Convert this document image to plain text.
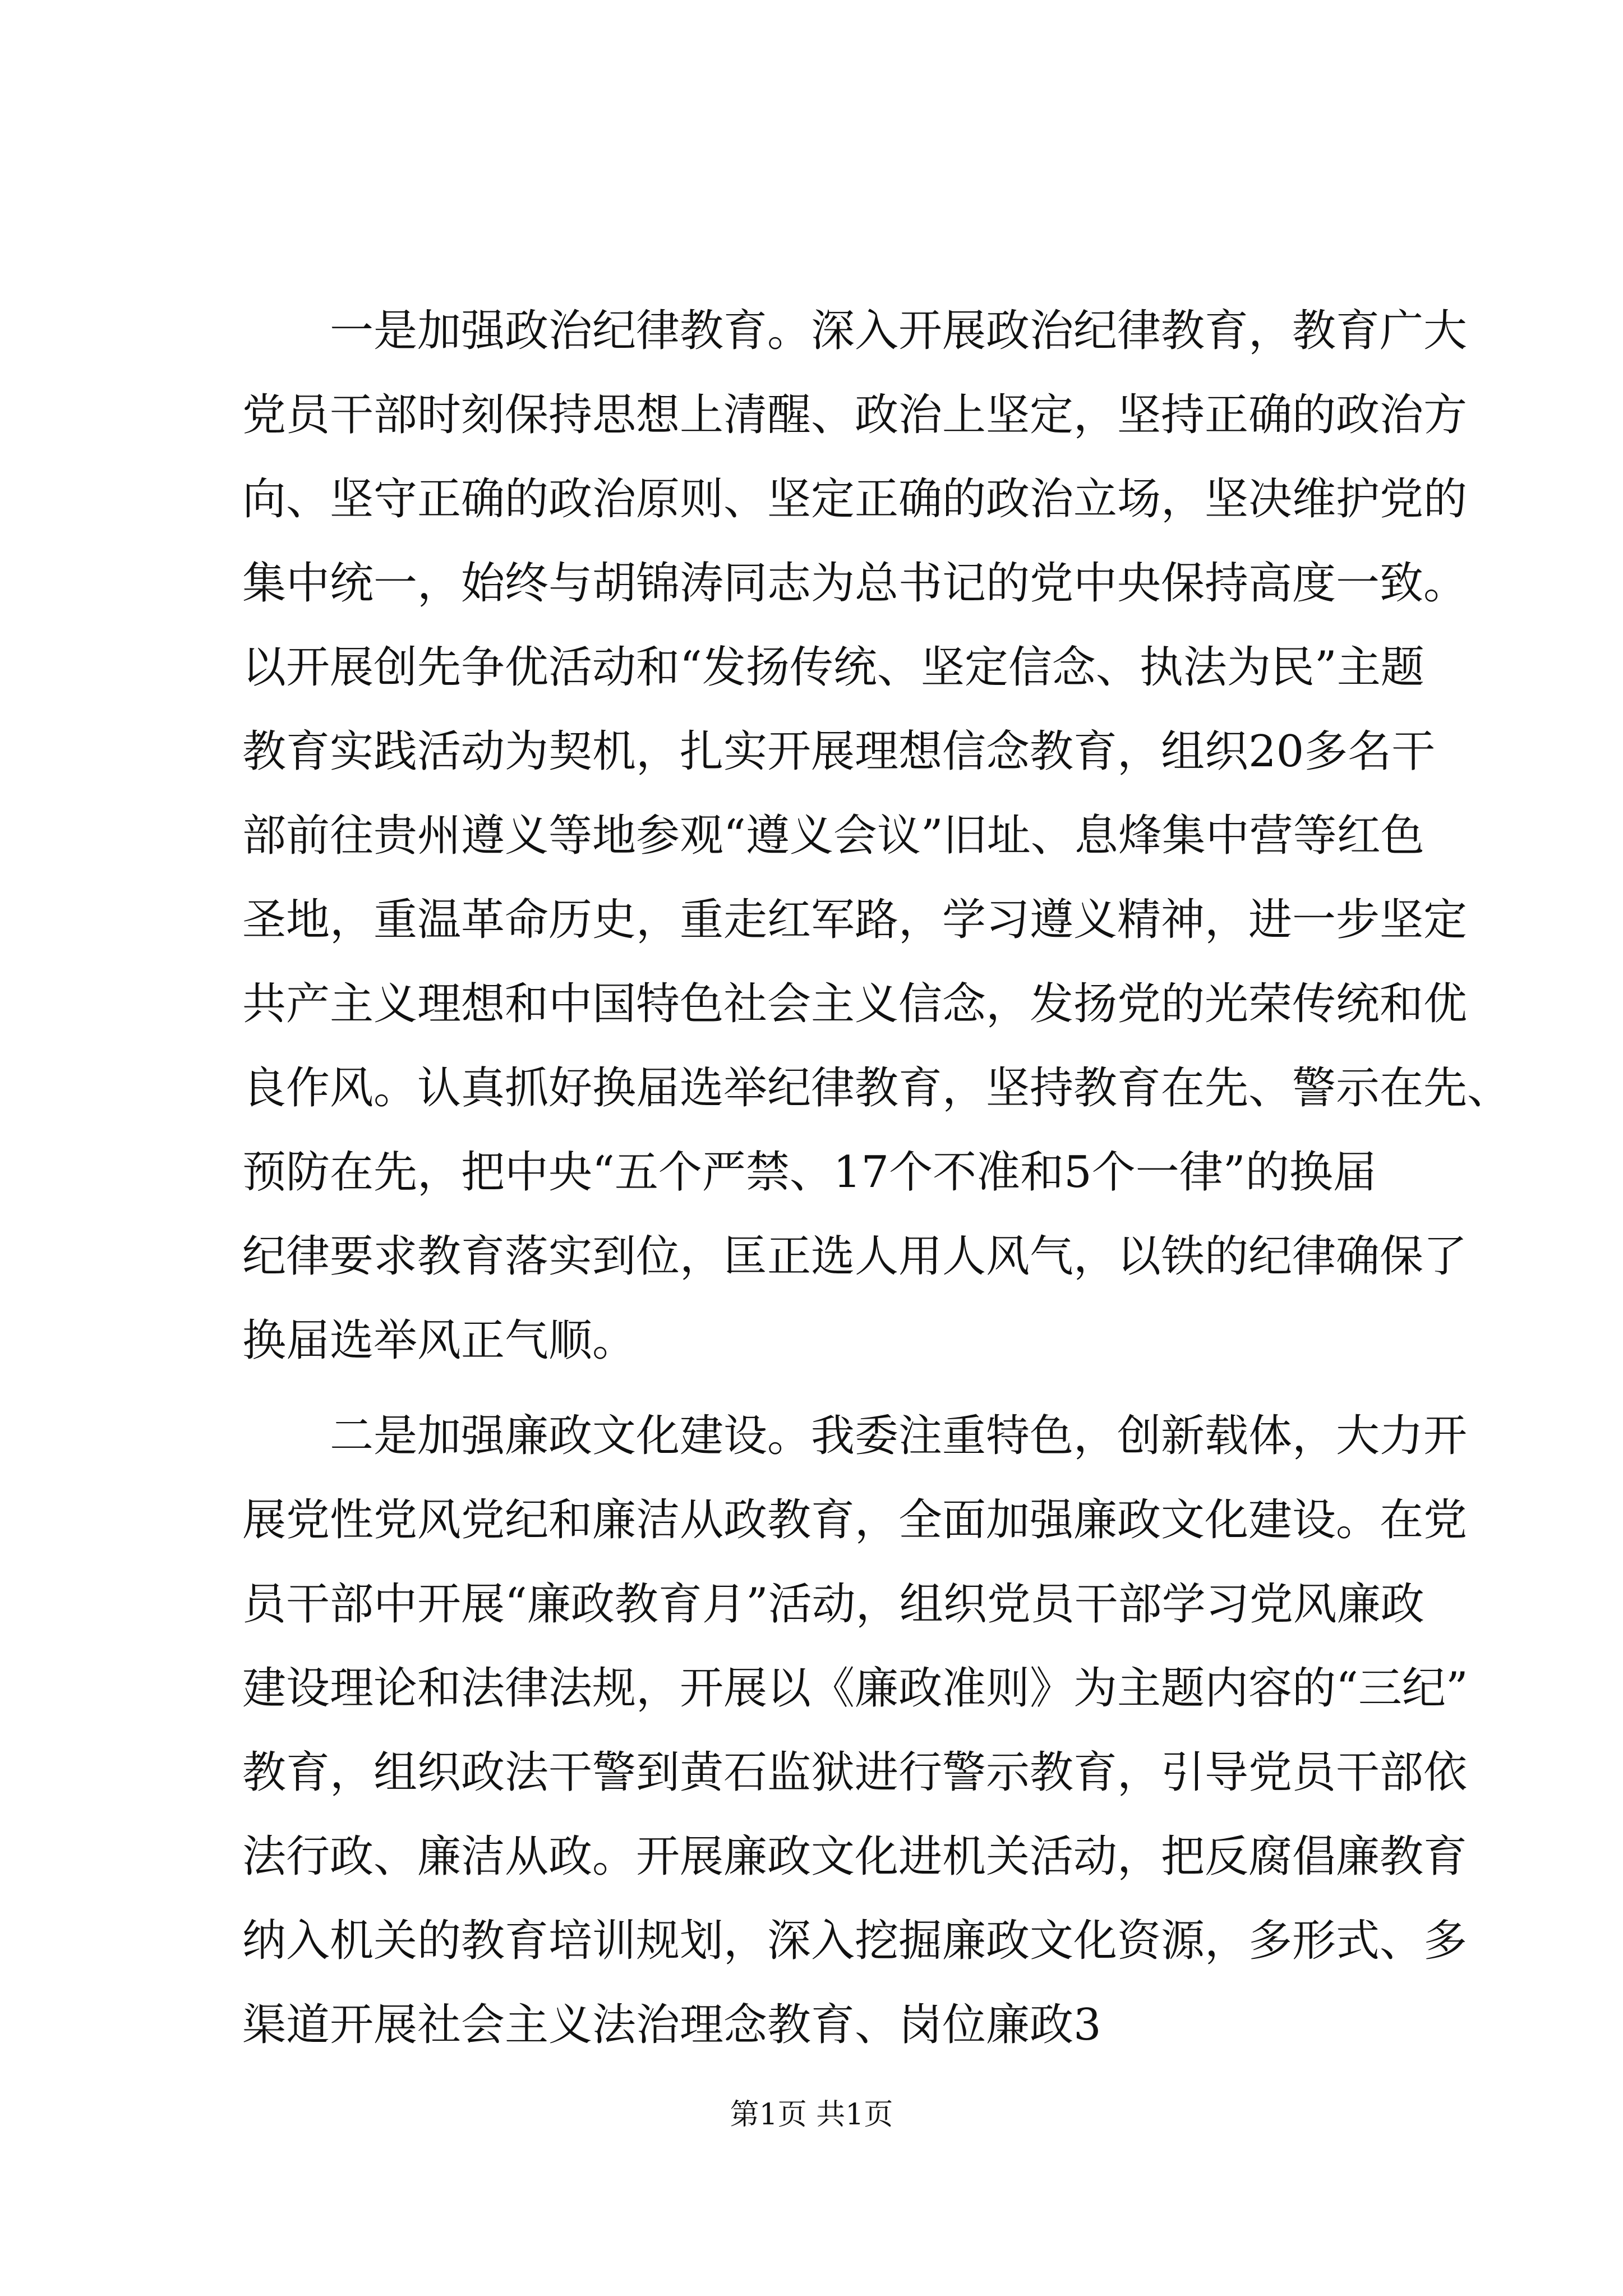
　　一是加强政治纪律教育。深入开展政治纪律教育，教育广大
党员干部时刻保持思想上清醒、政治上坚定，坚持正确的政治方
向、坚守正确的政治原则、坚定正确的政治立场，坚决维护党的
集中统一，始终与胡锦涛同志为总书记的党中央保持高度一致。
以开展创先争优活动和“发扬传统、坚定信念、执法为民”主题
教育实践活动为契机，扎实开展理想信念教育，组织20多名干
部前往贵州遵义等地参观“遵义会议”旧址、息烽集中营等红色
圣地，重温革命历史，重走红军路，学习遵义精神，进一步坚定
共产主义理想和中国特色社会主义信念，发扬党的光荣传统和优
良作风。认真抓好换届选举纪律教育，坚持教育在先、警示在先、
预防在先，把中央“五个严禁、17个不准和5个一律”的换届
纪律要求教育落实到位，匡正选人用人风气，以铁的纪律确保了
换届选举风正气顺。
　　二是加强廉政文化建设。我委注重特色，创新载体，大力开
展党性党风党纪和廉洁从政教育，全面加强廉政文化建设。在党
员干部中开展“廉政教育月”活动，组织党员干部学习党风廉政
建设理论和法律法规，开展以《廉政准则》为主题内容的“三纪”
教育，组织政法干警到黄石监狱进行警示教育，引导党员干部依
法行政、廉洁从政。开展廉政文化进机关活动，把反腐倡廉教育
纳入机关的教育培训规划，深入挖掘廉政文化资源，多形式、多
渠道开展社会主义法治理念教育、岗位廉政3
第1页 共1页
